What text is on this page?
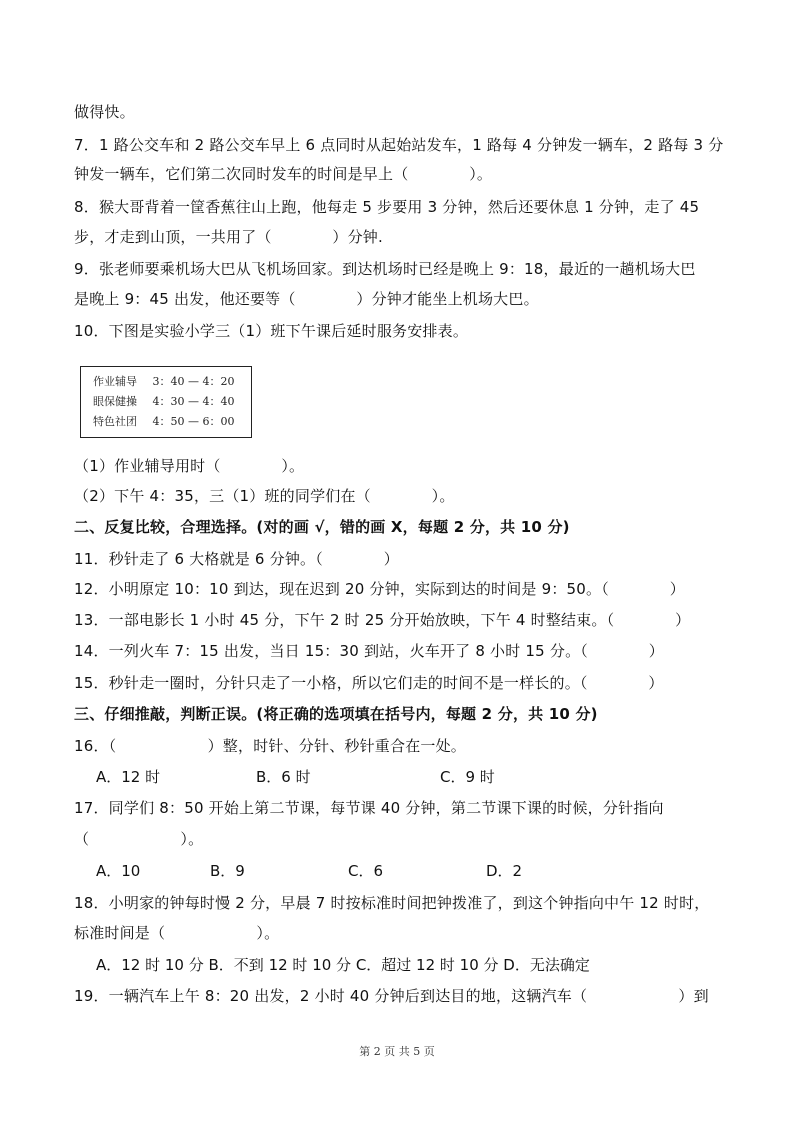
做得快。
7．1 路公交车和 2 路公交车早上 6 点同时从起始站发车，1 路每 4 分钟发一辆车，2 路每 3 分
钟发一辆车，它们第二次同时发车的时间是早上（　　　　）。
8．猴大哥背着一筐香蕉往山上跑，他每走 5 步要用 3 分钟，然后还要休息 1 分钟，走了 45
步，才走到山顶，一共用了（　　　　）分钟.
9．张老师要乘机场大巴从飞机场回家。到达机场时已经是晚上 9：18，最近的一趟机场大巴
是晚上 9：45 出发，他还要等（　　　　）分钟才能坐上机场大巴。
10．下图是实验小学三（1）班下午课后延时服务安排表。
作业辅导 3：40 — 4：20
眼保健操 4：30 — 4：40
特色社团 4：50 — 6：00
（1）作业辅导用时（　　　　）。
（2）下午 4：35，三（1）班的同学们在（　　　　）。
二、反复比较，合理选择。(对的画 √，错的画 X，每题 2 分，共 10 分)
11．秒针走了 6 大格就是 6 分钟。（　　　　）
12．小明原定 10：10 到达，现在迟到 20 分钟，实际到达的时间是 9：50。（　　　　）
13．一部电影长 1 小时 45 分，下午 2 时 25 分开始放映，下午 4 时整结束。（　　　　）
14．一列火车 7：15 出发，当日 15：30 到站，火车开了 8 小时 15 分。（　　　　）
15．秒针走一圈时，分针只走了一小格，所以它们走的时间不是一样长的。（　　　　）
三、仔细推敲，判断正误。(将正确的选项填在括号内，每题 2 分，共 10 分)
16．（　　　　　　）整，时针、分针、秒针重合在一处。
A．12 时	B．6 时	C．9 时
17．同学们 8：50 开始上第二节课，每节课 40 分钟，第二节课下课的时候，分针指向
（　　　　　　）。
A．10	B．9	C．6	D．2
18．小明家的钟每时慢 2 分，早晨 7 时按标准时间把钟拨准了，到这个钟指向中午 12 时时，
标准时间是（　　　　　　）。
A．12 时 10 分 B．不到 12 时 10 分 C．超过 12 时 10 分 D．无法确定
19．一辆汽车上午 8：20 出发，2 小时 40 分钟后到达目的地，这辆汽车（　　　　　　）到
第 2 页 共 5 页
